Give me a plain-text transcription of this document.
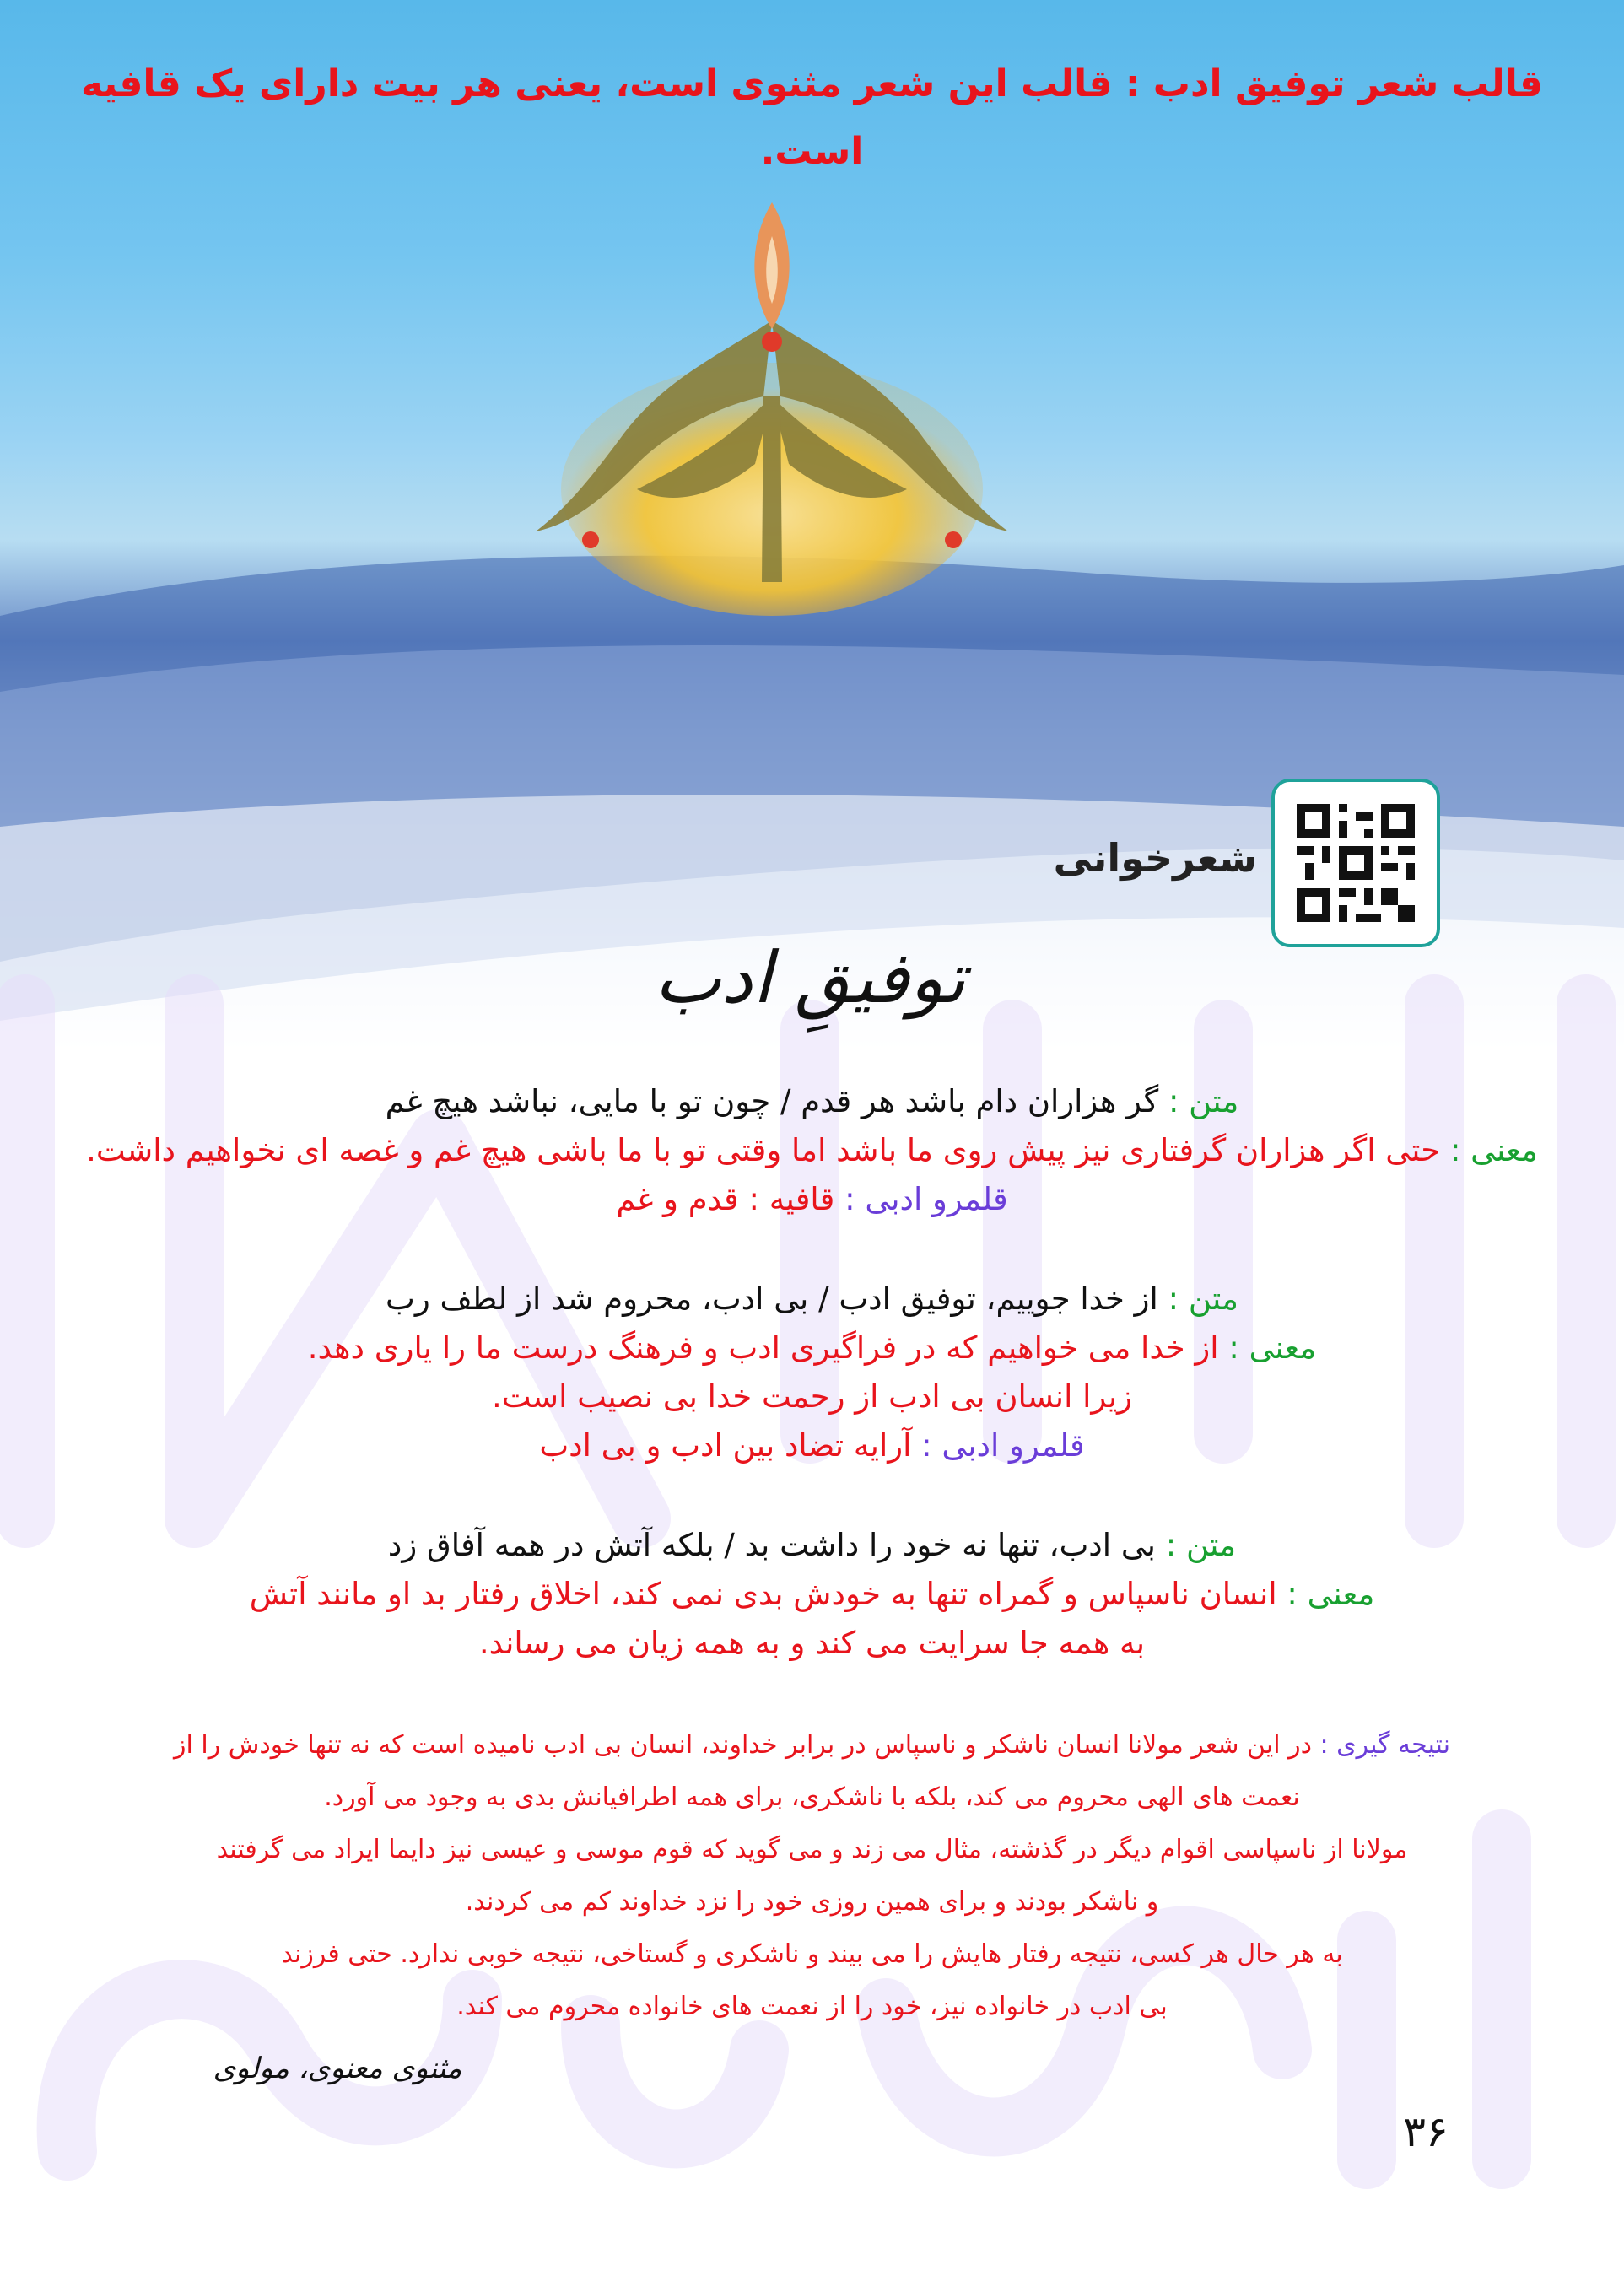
قالب شعر توفیق ادب : قالب این شعر مثنوی است، یعنی هر بیت دارای یک قافیه است.
شعرخوانی
توفیقِ ادب
متن : گر هزاران دام باشد هر قدم / چون تو با مایی، نباشد هیچ غم
معنی : حتی اگر هزاران گرفتاری نیز پیش روی ما باشد اما وقتی تو با ما باشی هیچ غم و غصه ای نخواهیم داشت.
قلمرو ادبی : قافیه : قدم و غم
متن : از خدا جوییم، توفیق ادب / بی ادب، محروم شد از لطف رب
معنی : از خدا می خواهیم که در فراگیری ادب و فرهنگ درست ما را یاری دهد.
زیرا انسان بی ادب از رحمت خدا بی نصیب است.
قلمرو ادبی : آرایه تضاد بین ادب و بی ادب
متن : بی ادب، تنها نه خود را داشت بد / بلکه آتش در همه آفاق زد
معنی : انسان ناسپاس و گمراه تنها به خودش بدی نمی کند، اخلاق رفتار بد او مانند آتش
به همه جا سرایت می کند و به همه زیان می رساند.
نتیجه گیری : در این شعر مولانا انسان ناشکر و ناسپاس در برابر خداوند، انسان بی ادب نامیده است که نه تنها خودش را از
نعمت های الهی محروم می کند، بلکه با ناشکری، برای همه اطرافیانش بدی به وجود می آورد.
مولانا از ناسپاسی اقوام دیگر در گذشته، مثال می زند و می گوید که قوم موسی و عیسی نیز دایما ایراد می گرفتند
و ناشکر بودند و برای همین روزی خود را نزد خداوند کم می کردند.
به هر حال هر کسی، نتیجه رفتار هایش را می بیند و ناشکری و گستاخی، نتیجه خوبی ندارد. حتی فرزند
بی ادب در خانواده نیز، خود را از نعمت های خانواده محروم می کند.
مثنوی معنوی، مولوی
۳۶
